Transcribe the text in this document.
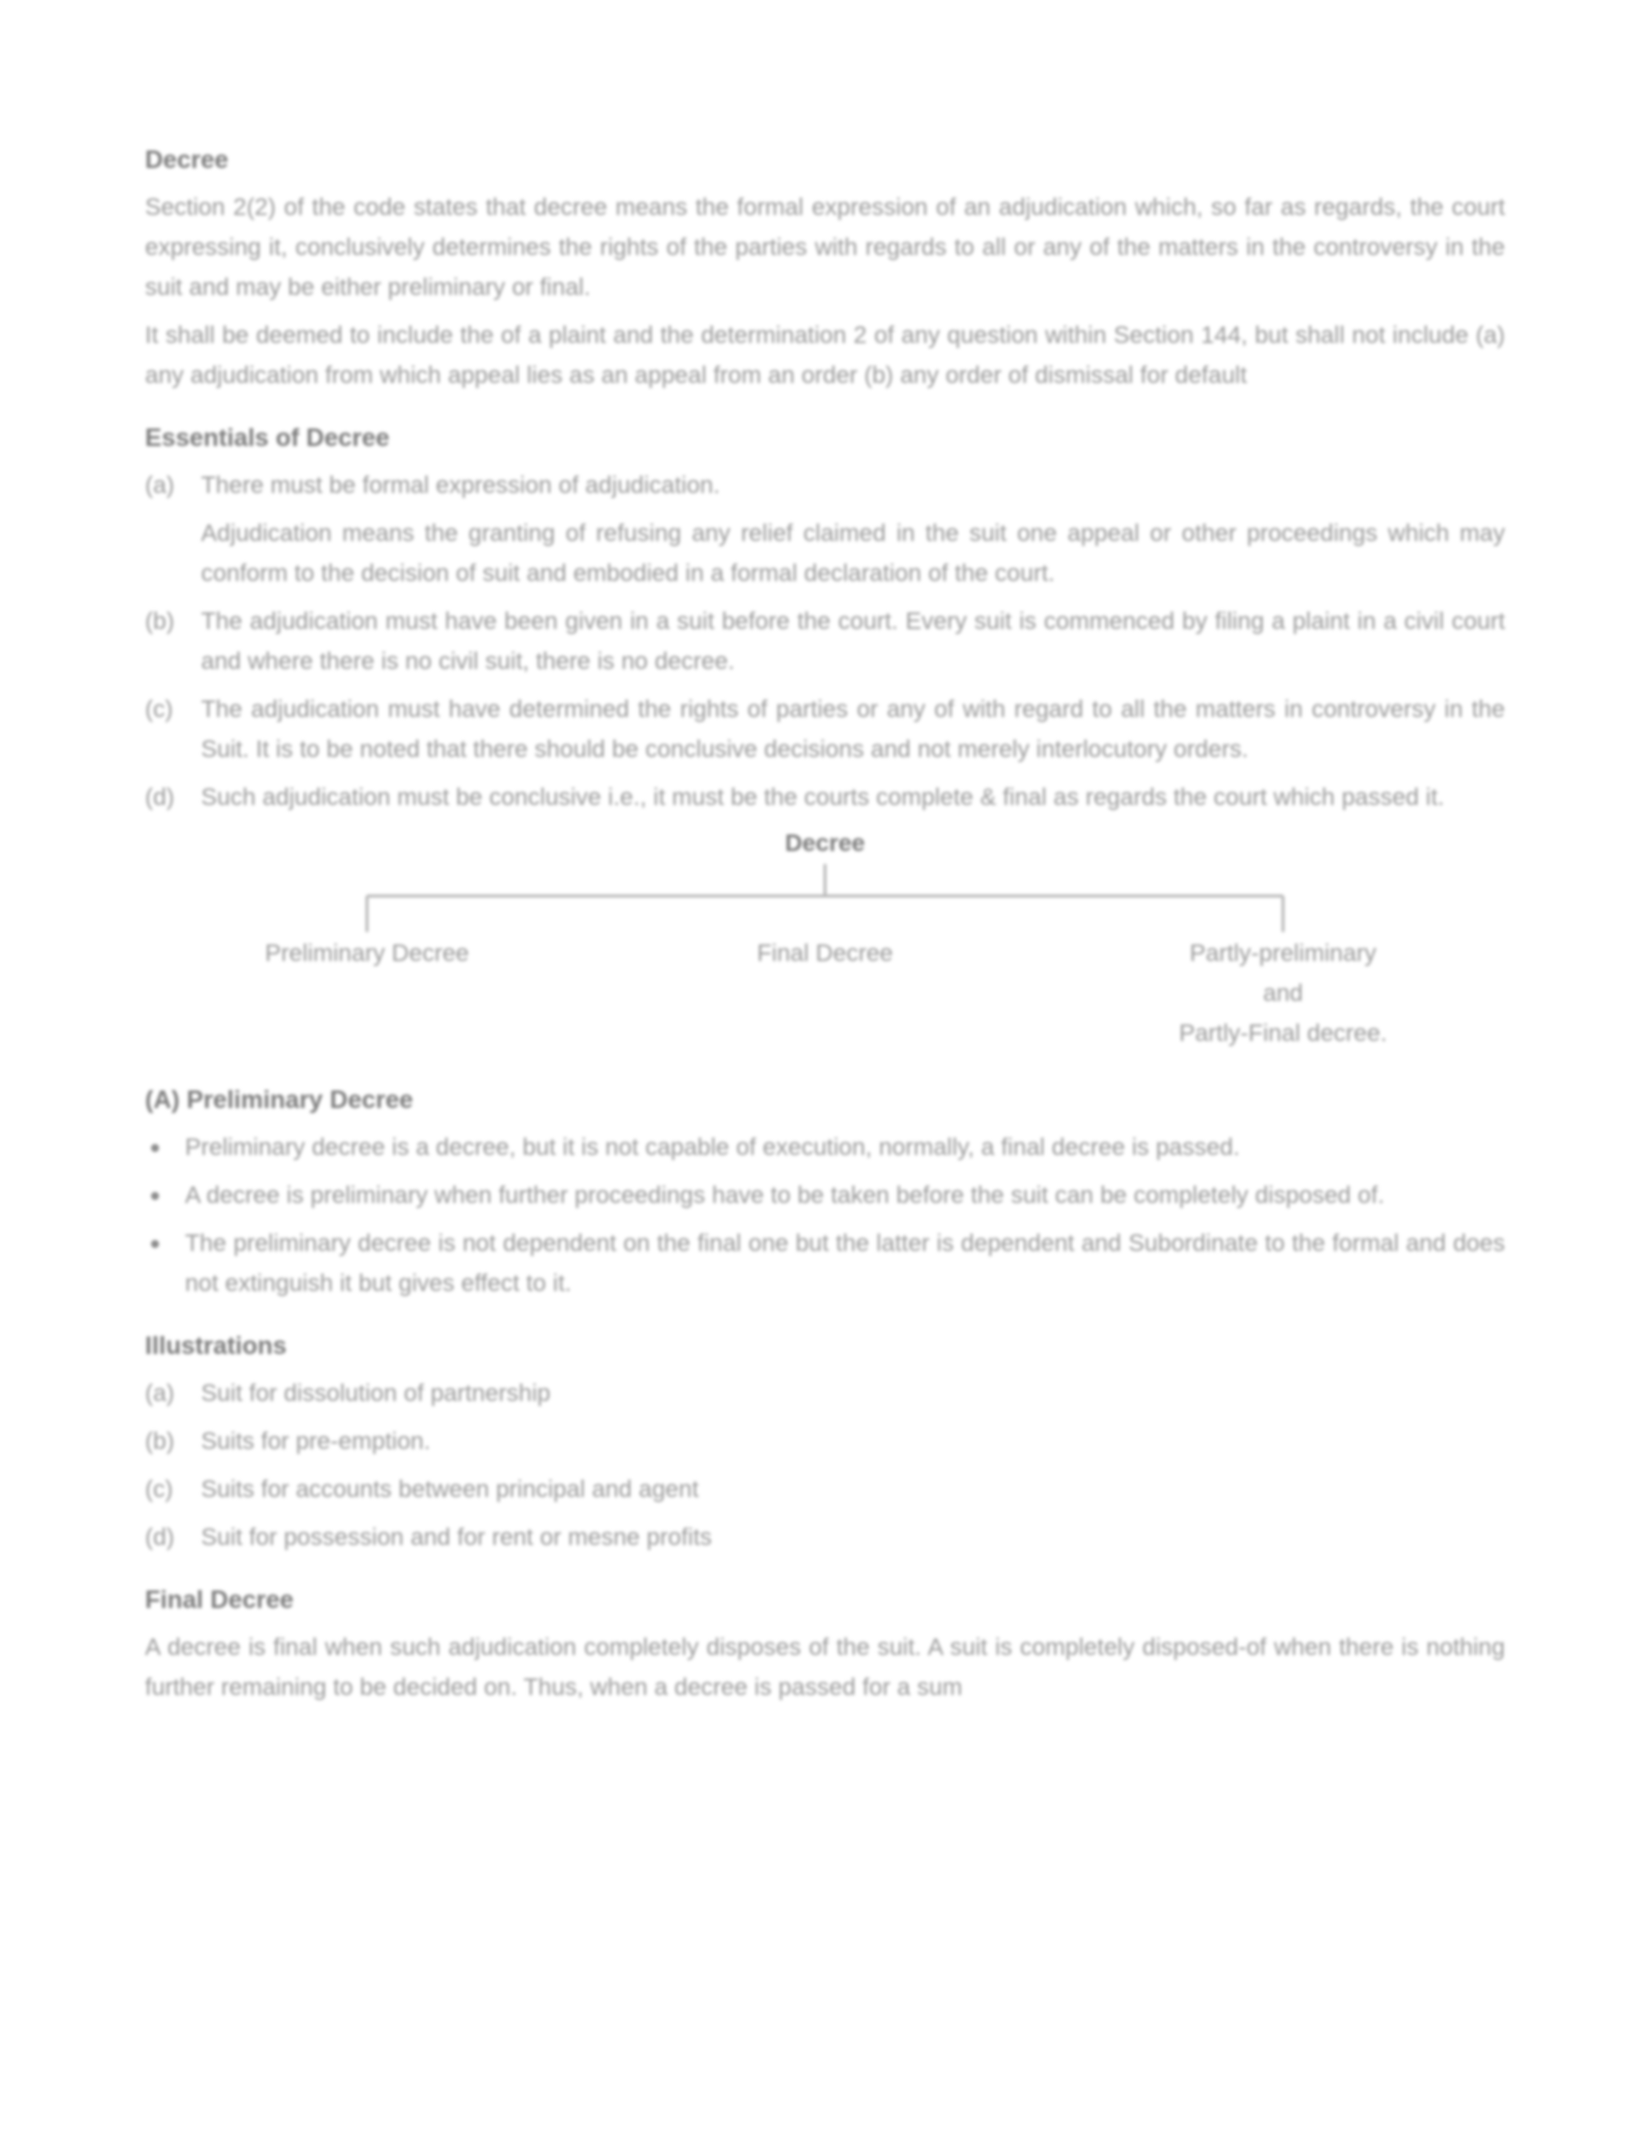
Decree

Section 2(2) of the code states that decree means the formal expression of an adjudication which, so far as regards, the court expressing it, conclusively determines the rights of the parties with regards to all or any of the matters in the controversy in the suit and may be either preliminary or final.

It shall be deemed to include the of a plaint and the determination 2 of any question within Section 144, but shall not include (a) any adjudication from which appeal lies as an appeal from an order (b) any order of dismissal for default

Essentials of Decree
(a)	There must be formal expression of adjudication.
Adjudication means the granting of refusing any relief claimed in the suit one appeal or other proceedings which may conform to the decision of suit and embodied in a formal declaration of the court.
(b)	The adjudication must have been given in a suit before the court. Every suit is commenced by filing a plaint in a civil court and where there is no civil suit, there is no decree.
(c)	The adjudication must have determined the rights of parties or any of with regard to all the matters in controversy in the Suit. It is to be noted that there should be conclusive decisions and not merely interlocutory orders.
(d)	Such adjudication must be conclusive i.e., it must be the courts complete & final as regards the court which passed it.
Decree
Preliminary Decree	Final Decree	Partly-preliminary
and
Partly-Final decree.
(A) Preliminary Decree
Preliminary decree is a decree, but it is not capable of execution, normally, a final decree is passed.
A decree is preliminary when further proceedings have to be taken before the suit can be completely disposed of.
The preliminary decree is not dependent on the final one but the latter is dependent and Subordinate to the formal and does not extinguish it but gives effect to it.
Illustrations
(a)	Suit for dissolution of partnership
(b)	Suits for pre-emption.
(c)	Suits for accounts between principal and agent
(d)	Suit for possession and for rent or mesne profits
Final Decree

A decree is final when such adjudication completely disposes of the suit. A suit is completely disposed-of when there is nothing further remaining to be decided on. Thus, when a decree is passed for a sum
